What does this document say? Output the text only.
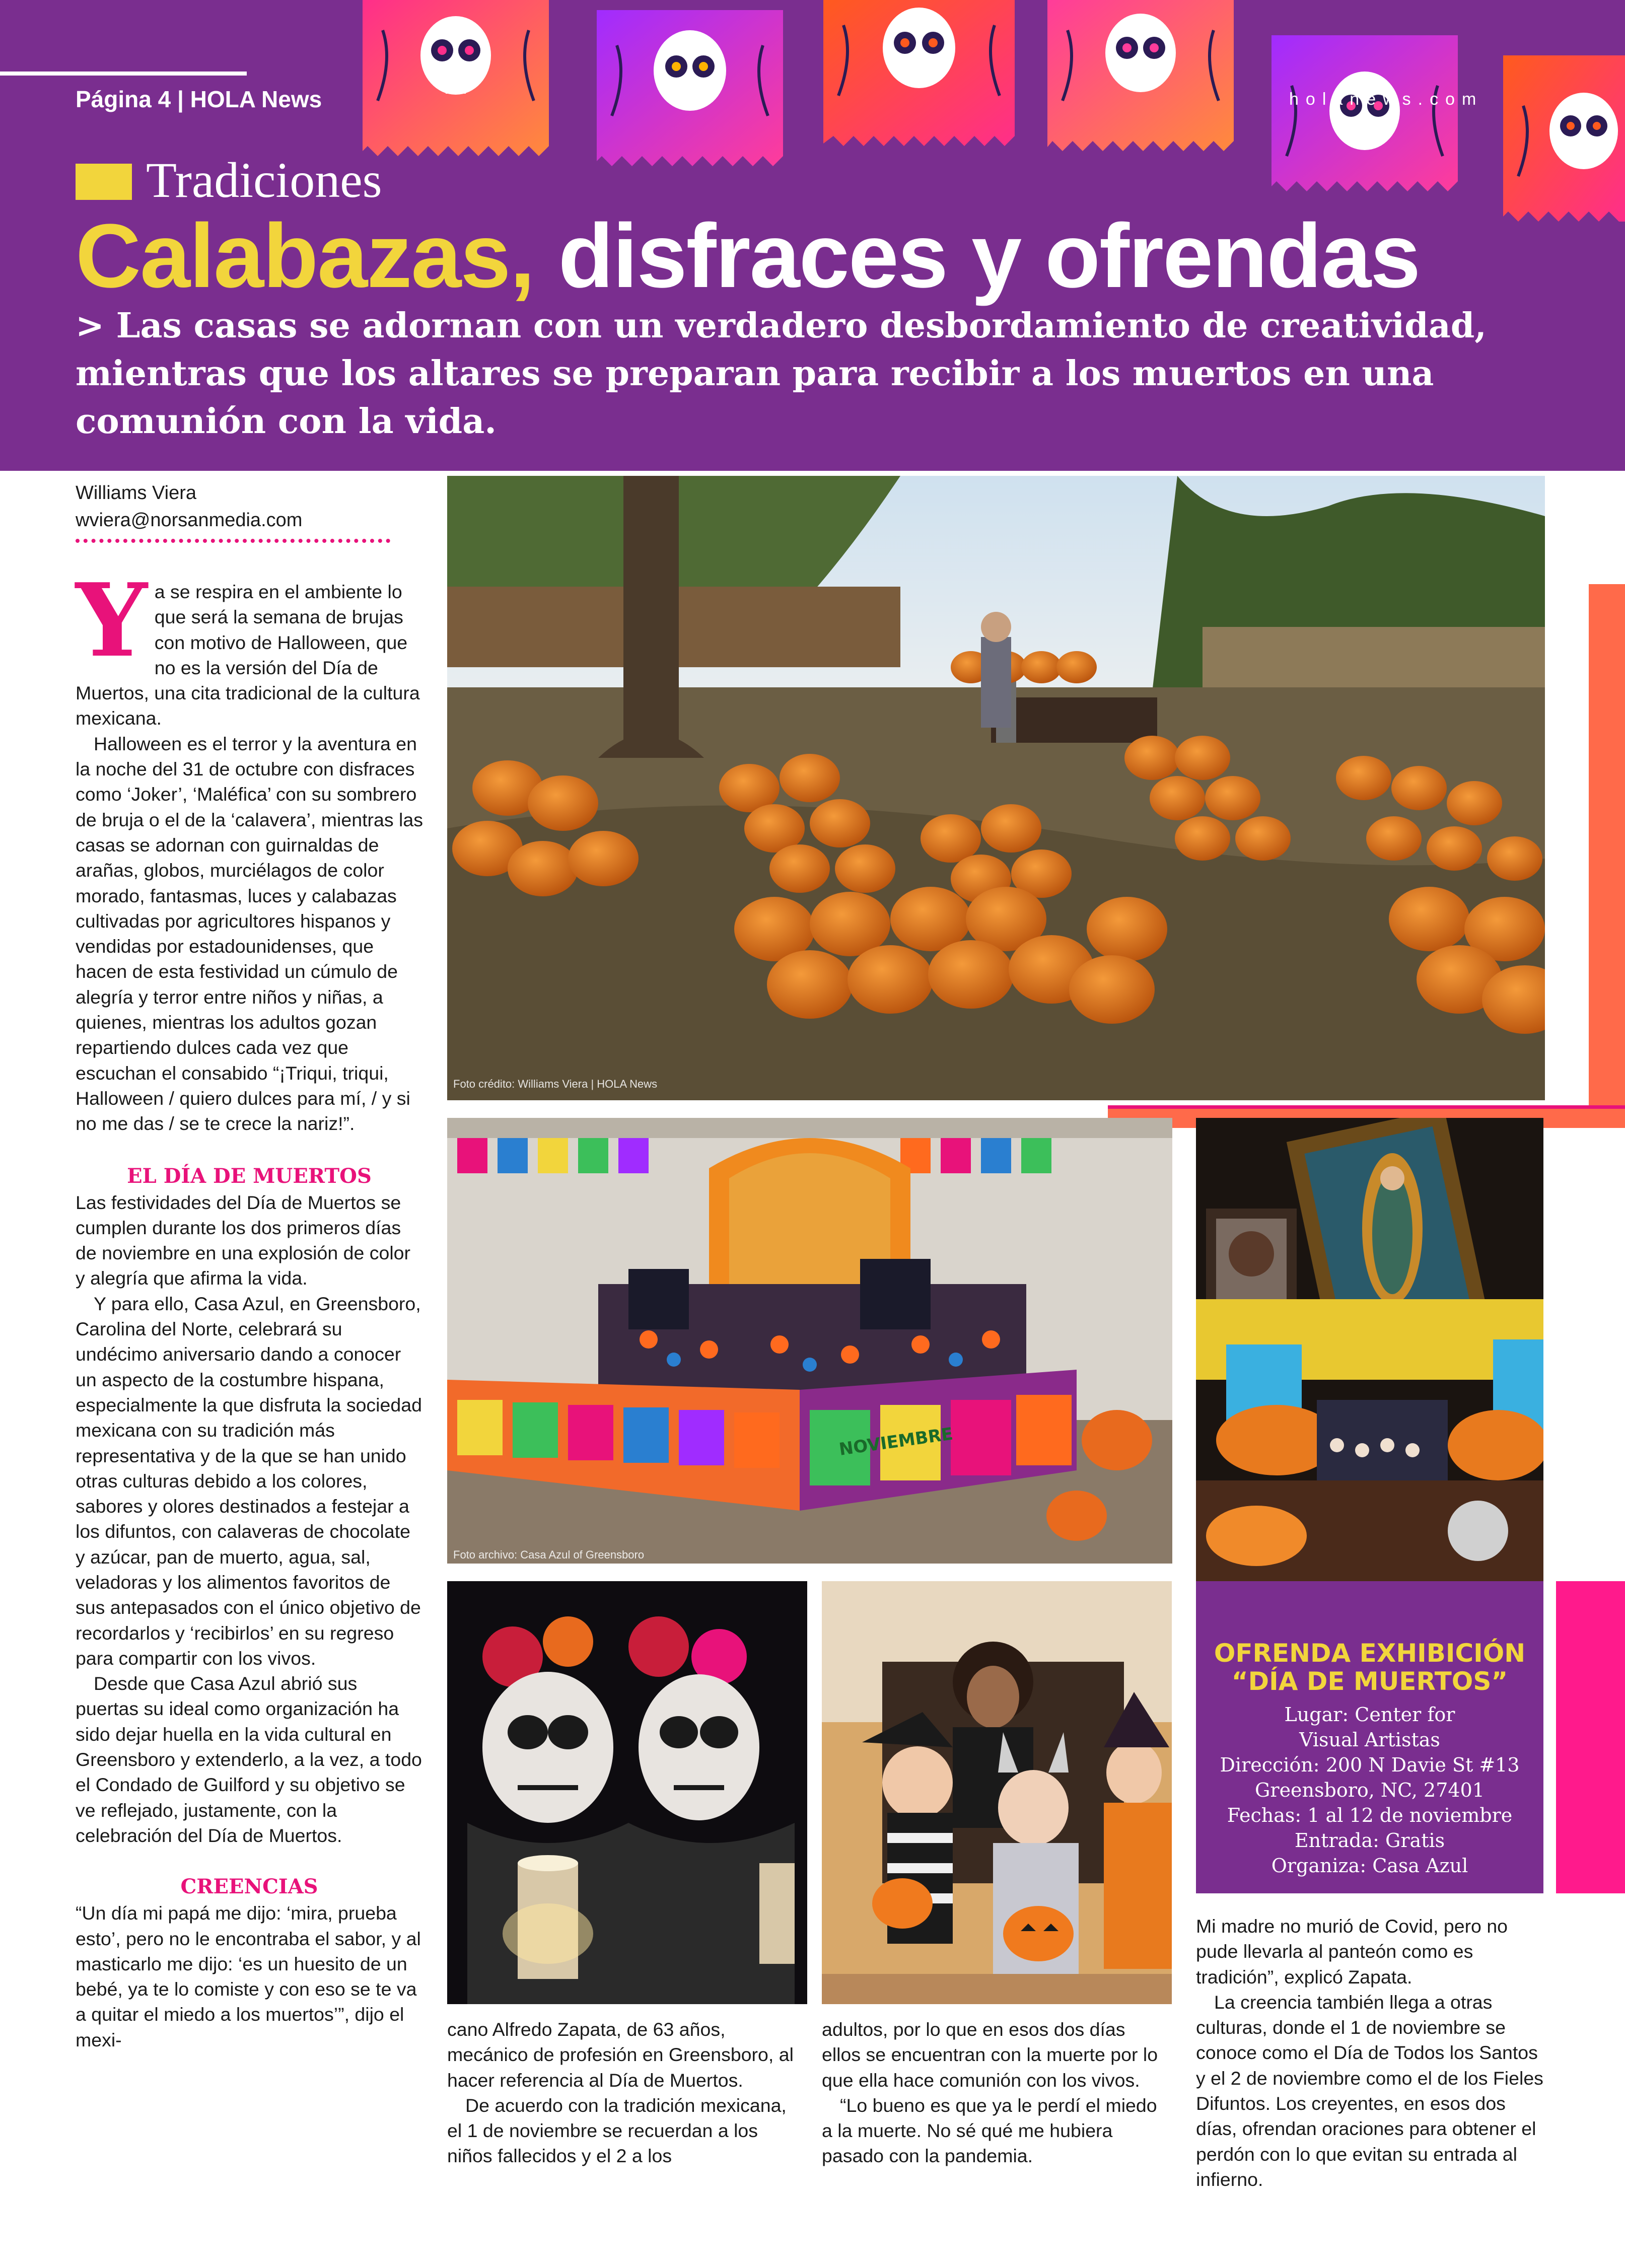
Página 4 | HOLA News	holanews.com
Tradiciones
Calabazas, disfraces y ofrendas
> Las casas se adornan con un verdadero desbordamiento de creatividad, mientras que los altares se preparan para recibir a los muertos en una comunión con la vida.
Williams Viera
wviera@norsanmedia.com

Ya se respira en el ambiente lo que será la semana de brujas con motivo de Halloween, que no es la versión del Día de Muertos, una cita tradicional de la cultura mexicana.

Halloween es el terror y la aventura en la noche del 31 de octubre con disfraces como ‘Joker’, ‘Maléfica’ con su sombrero de bruja o el de la ‘calavera’, mientras las casas se adornan con guirnaldas de arañas, globos, murciélagos de color morado, fantasmas, luces y calabazas cultivadas por agricultores hispanos y vendidas por estadounidenses, que hacen de esta festividad un cúmulo de alegría y terror entre niños y niñas, a quienes, mientras los adultos gozan repartiendo dulces cada vez que escuchan el consabido “¡Triqui, triqui, Halloween / quiero dulces para mí, / y si no me das / se te crece la nariz!”.

EL DÍA DE MUERTOS

Las festividades del Día de Muertos se cumplen durante los dos primeros días de noviembre en una explosión de color y alegría que afirma la vida.

Y para ello, Casa Azul, en Greensboro, Carolina del Norte, celebrará su undécimo aniversario dando a conocer un aspecto de la costumbre hispana, especialmente la que disfruta la sociedad mexicana con su tradición más representativa y de la que se han unido otras culturas debido a los colores, sabores y olores destinados a festejar a los difuntos, con calaveras de chocolate y azúcar, pan de muerto, agua, sal, veladoras y los alimentos favoritos de sus antepasados con el único objetivo de recordarlos y ‘recibirlos’ en su regreso para compartir con los vivos.

Desde que Casa Azul abrió sus puertas su ideal como organización ha sido dejar huella en la vida cultural en Greensboro y extenderlo, a la vez, a todo el Condado de Guilford y su objetivo se ve reflejado, justamente, con la celebración del Día de Muertos.

CREENCIAS

“Un día mi papá me dijo: ‘mira, prueba esto’, pero no le encontraba el sabor, y al masticarlo me dijo: ‘es un huesito de un bebé, ya te lo comiste y con eso se te va a quitar el miedo a los muertos’”, dijo el mexi-	cano Alfredo Zapata, de 63 años, mecánico de profesión en Greensboro, al hacer referencia al Día de Muertos.

De acuerdo con la tradición mexicana, el 1 de noviembre se recuerdan a los niños fallecidos y el 2 a los

adultos, por lo que en esos dos días ellos se encuentran con la muerte por lo que ella hace comunión con los vivos.

“Lo bueno es que ya le perdí el miedo a la muerte. No sé qué me hubiera pasado con la pandemia.

Mi madre no murió de Covid, pero no pude llevarla al panteón como es tradición”, explicó Zapata.

La creencia también llega a otras culturas, donde el 1 de noviembre se conoce como el Día de Todos los Santos y el 2 de noviembre como el de los Fieles Difuntos. Los creyentes, en esos dos días, ofrendan oraciones para obtener el perdón con lo que evitan su entrada al infierno.

Foto crédito: Williams Viera | HOLA News
NOVIEMBRE
Foto archivo: Casa Azul of Greensboro
OFRENDA EXHIBICIÓN
“DÍA DE MUERTOS”
Lugar: Center for
Visual Artistas
Dirección: 200 N Davie St #13
Greensboro, NC, 27401
Fechas: 1 al 12 de noviembre
Entrada: Gratis
Organiza: Casa Azul
